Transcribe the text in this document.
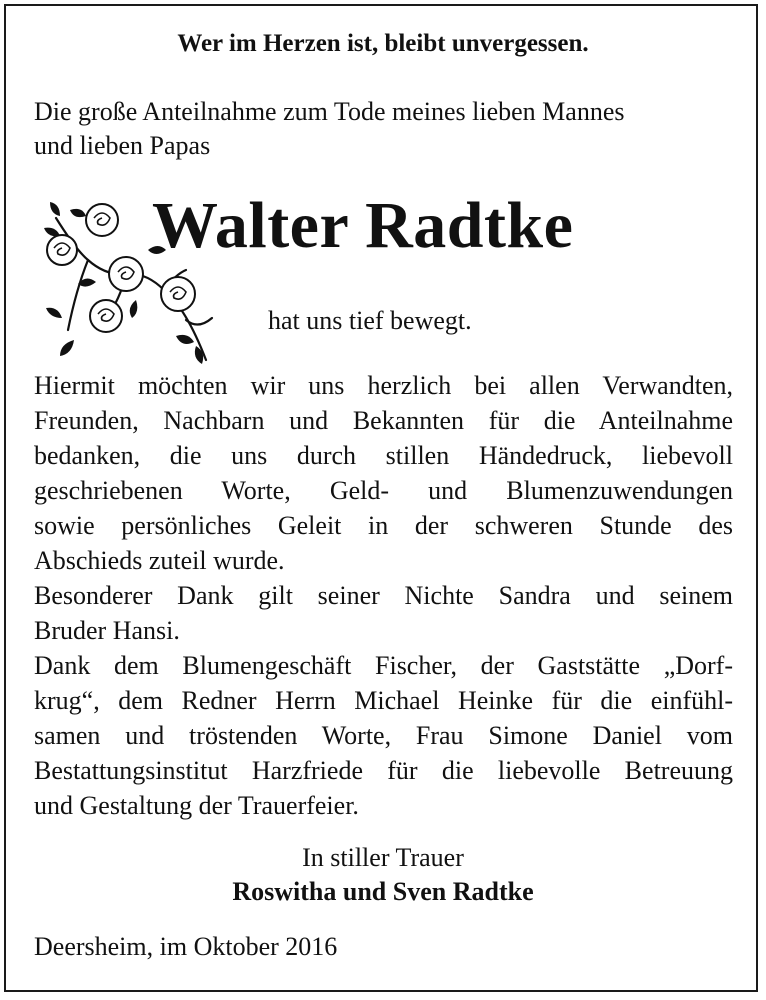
Wer im Herzen ist, bleibt unvergessen.

Die große Anteilnahme zum Tode meines lieben Mannes

und lieben Papas

Walter Radtke

hat uns tief bewegt.

Hiermit möchten wir uns herzlich bei allen Verwandten,
Freunden, Nachbarn und Bekannten für die Anteilnahme
bedanken, die uns durch stillen Händedruck, liebevoll
geschriebenen Worte, Geld- und Blumenzuwendungen
sowie persönliches Geleit in der schweren Stunde des
Abschieds zuteil wurde.
Besonderer Dank gilt seiner Nichte Sandra und seinem
Bruder Hansi.
Dank dem Blumengeschäft Fischer, der Gaststätte „Dorf-
krug“, dem Redner Herrn Michael Heinke für die einfühl-
samen und tröstenden Worte, Frau Simone Daniel vom
Bestattungsinstitut Harzfriede für die liebevolle Betreuung
und Gestaltung der Trauerfeier.

In stiller Trauer

Roswitha und Sven Radtke

Deersheim, im Oktober 2016
